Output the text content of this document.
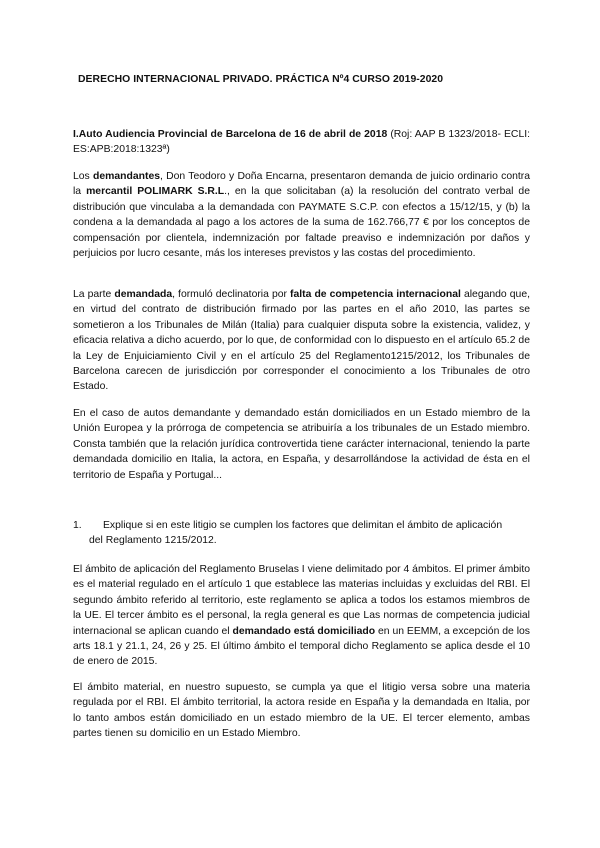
DERECHO INTERNACIONAL PRIVADO. PRÁCTICA Nº4 CURSO 2019-2020
I.Auto Audiencia Provincial de Barcelona de 16 de abril de 2018 (Roj: AAP B 1323/2018- ECLI: ES:APB:2018:1323ª)
Los demandantes, Don Teodoro y Doña Encarna, presentaron demanda de juicio ordinario contra la mercantil POLIMARK S.R.L., en la que solicitaban (a) la resolución del contrato verbal de distribución que vinculaba a la demandada con PAYMATE S.C.P. con efectos a 15/12/15, y (b) la condena a la demandada al pago a los actores de la suma de 162.766,77 € por los conceptos de compensación por clientela, indemnización por faltade preaviso e indemnización por daños y perjuicios por lucro cesante, más los intereses previstos y las costas del procedimiento.
La parte demandada, formuló declinatoria por falta de competencia internacional alegando que, en virtud del contrato de distribución firmado por las partes en el año 2010, las partes se sometieron a los Tribunales de Milán (Italia) para cualquier disputa sobre la existencia, validez, y eficacia relativa a dicho acuerdo, por lo que, de conformidad con lo dispuesto en el artículo 65.2 de la Ley de Enjuiciamiento Civil y en el artículo 25 del Reglamento1215/2012, los Tribunales de Barcelona carecen de jurisdicción por corresponder el conocimiento a los Tribunales de otro Estado.
En el caso de autos demandante y demandado están domiciliados en un Estado miembro de la Unión Europea y la prórroga de competencia se atribuiría a los tribunales de un Estado miembro. Consta también que la relación jurídica controvertida tiene carácter internacional, teniendo la parte demandada domicilio en Italia, la actora, en España, y desarrollándose la actividad de ésta en el territorio de España y Portugal...
1.	Explique si en este litigio se cumplen los factores que delimitan el ámbito de aplicación
del Reglamento 1215/2012.
El ámbito de aplicación del Reglamento Bruselas I viene delimitado por 4 ámbitos. El primer ámbito es el material regulado en el artículo 1 que establece las materias incluidas y excluidas del RBI. El segundo ámbito referido al territorio, este reglamento se aplica a todos los estamos miembros de la UE. El tercer ámbito es el personal, la regla general es que Las normas de competencia judicial internacional se aplican cuando el demandado está domiciliado en un EEMM, a excepción de los arts 18.1 y 21.1, 24, 26 y 25. El último ámbito el temporal dicho Reglamento se aplica desde el 10 de enero de 2015.
El ámbito material, en nuestro supuesto, se cumpla ya que el litigio versa sobre una materia regulada por el RBI. El ámbito territorial, la actora reside en España y la demandada en Italia, por lo tanto ambos están domiciliado en un estado miembro de la UE. El tercer elemento, ambas partes tienen su domicilio en un Estado Miembro.
